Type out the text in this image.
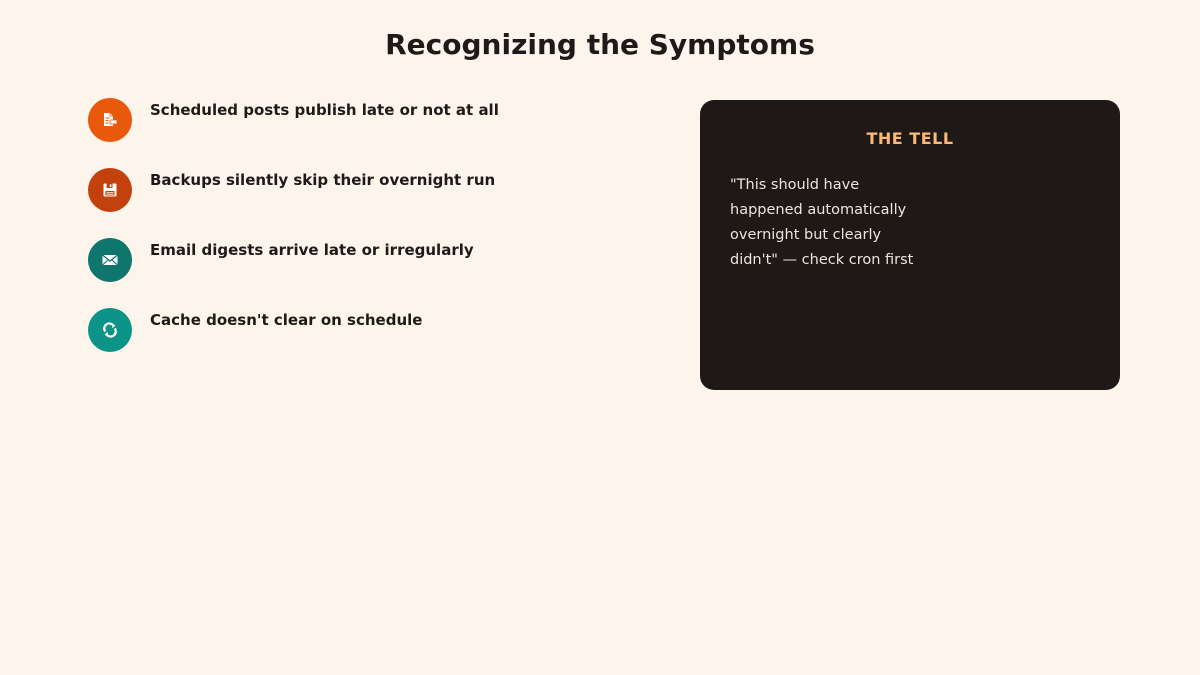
Recognizing the Symptoms
Scheduled posts publish late or not at all
Backups silently skip their overnight run
Email digests arrive late or irregularly
Cache doesn't clear on schedule
THE TELL

"This should have happened automatically overnight but clearly didn't" — check cron first
